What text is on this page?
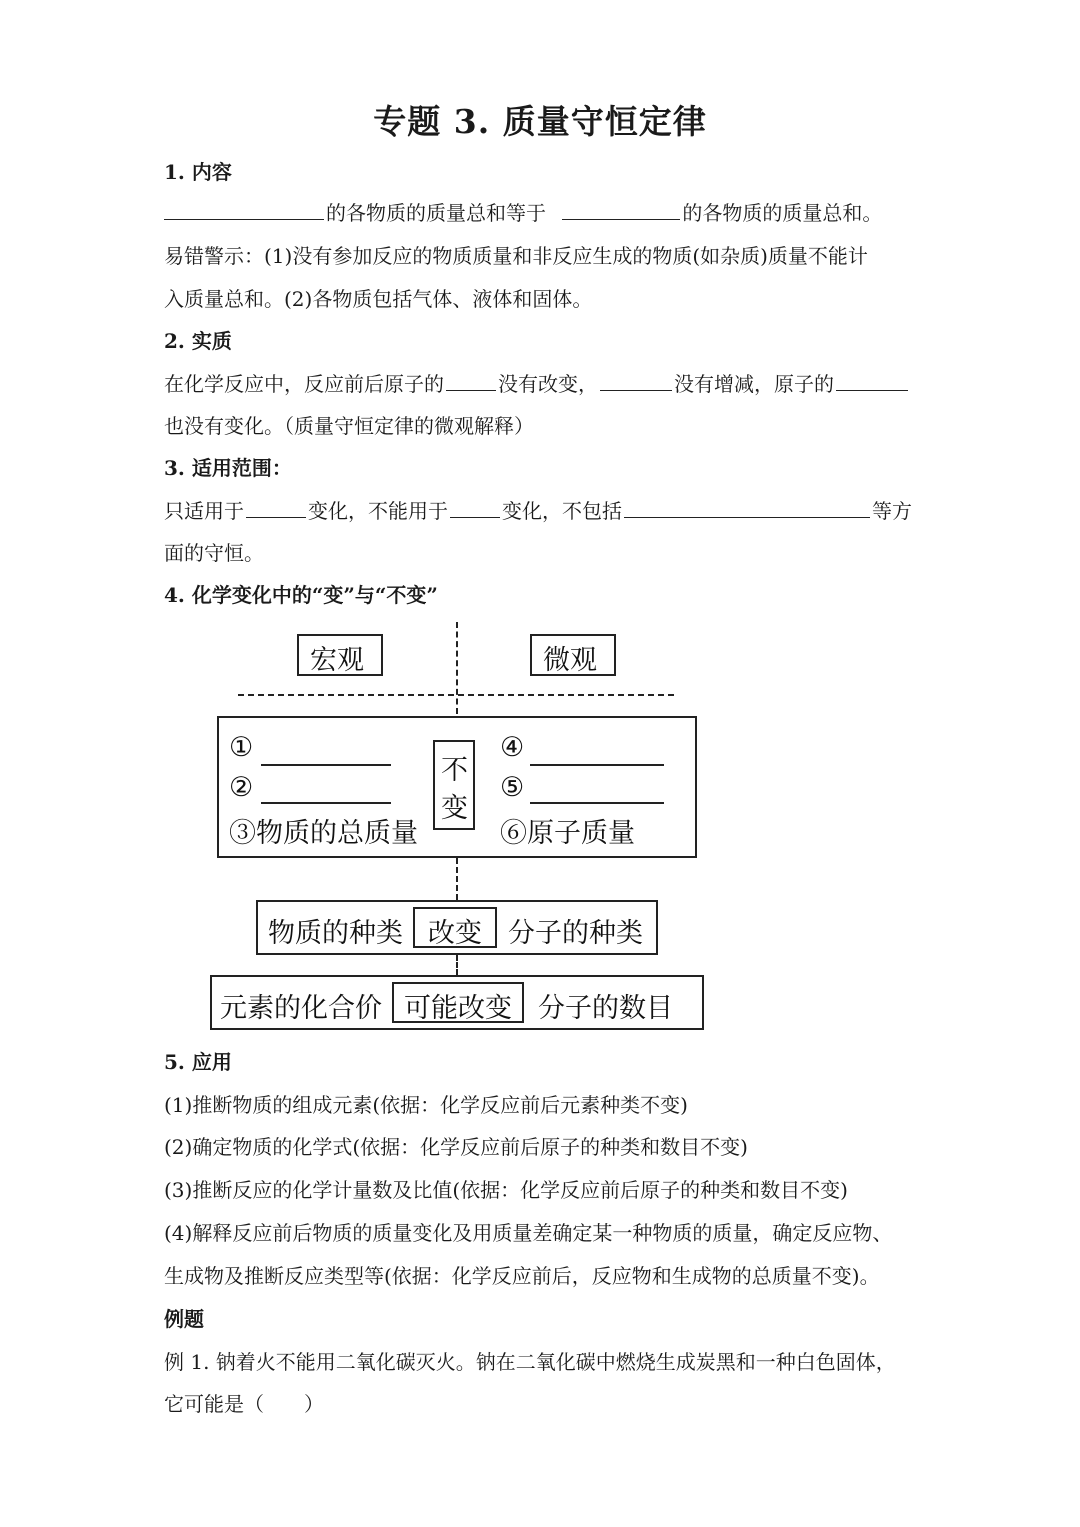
专题 3. 质量守恒定律
1. 内容
的各物质的质量总和等于	的各物质的质量总和。
易错警示：(1)没有参加反应的物质质量和非反应生成的物质(如杂质)质量不能计
入质量总和。(2)各物质包括气体、液体和固体。
2. 实质
在化学反应中，反应前后原子的	没有改变，	没有增减，原子的
也没有变化。（质量守恒定律的微观解释）
3. 适用范围：
只适用于	变化，不能用于	变化，不包括	等方
面的守恒。
4. 化学变化中的“变”与“不变”
宏观	微观
①
②
③物质的总质量
不
变
④
⑤
⑥原子质量
物质的种类 改变 分子的种类
元素的化合价 可能改变 分子的数目
5. 应用
(1)推断物质的组成元素(依据：化学反应前后元素种类不变)
(2)确定物质的化学式(依据：化学反应前后原子的种类和数目不变)
(3)推断反应的化学计量数及比值(依据：化学反应前后原子的种类和数目不变)
(4)解释反应前后物质的质量变化及用质量差确定某一种物质的质量，确定反应物、
生成物及推断反应类型等(依据：化学反应前后，反应物和生成物的总质量不变)。
例题
例 1. 钠着火不能用二氧化碳灭火。钠在二氧化碳中燃烧生成炭黑和一种白色固体，
它可能是（　　）
